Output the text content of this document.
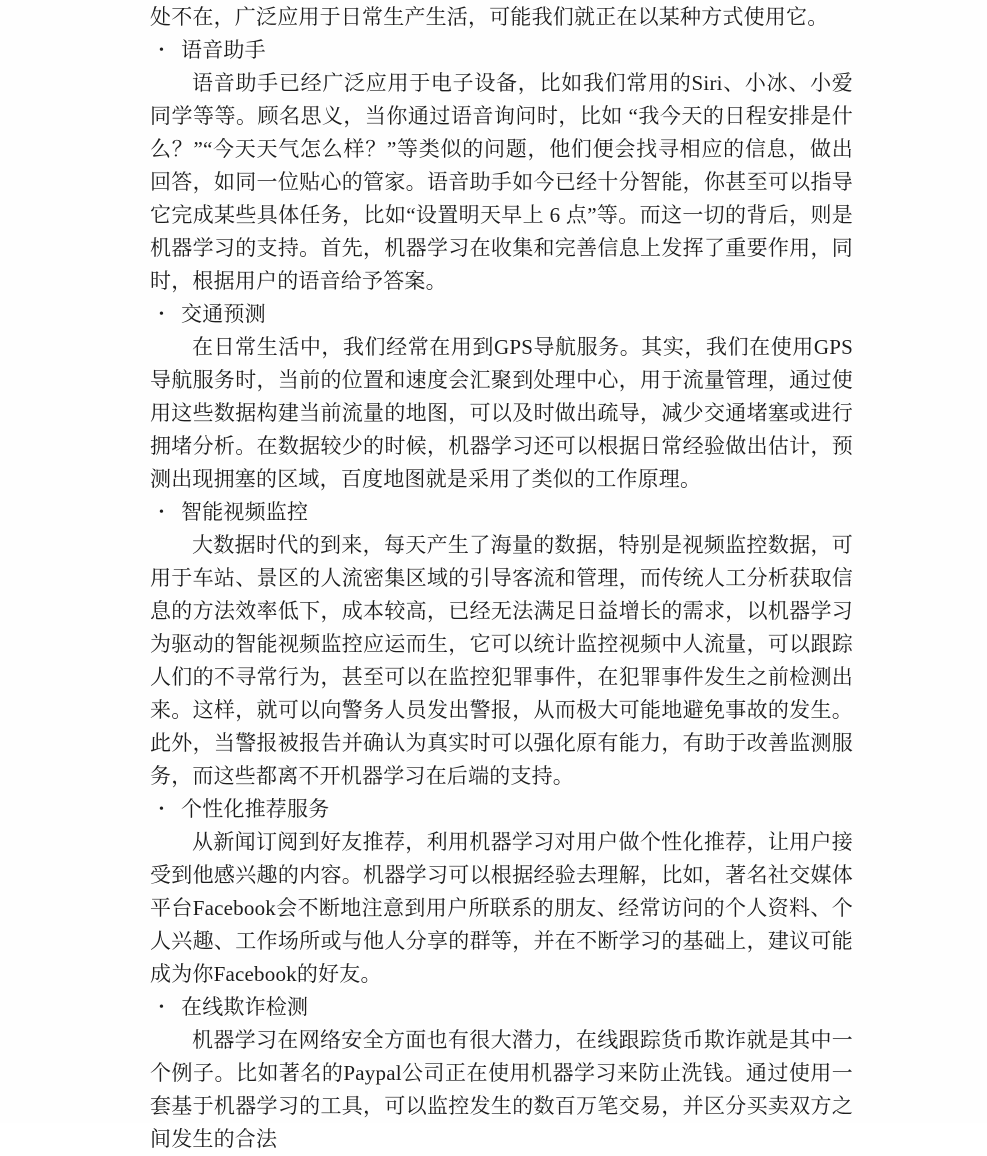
处不在，广泛应用于日常生产生活，可能我们就正在以某种方式使用它。

• 语音助手

语音助手已经广泛应用于电子设备，比如我们常用的Siri、小冰、小爱同学等等。顾名思义，当你通过语音询问时，比如 “我今天的日程安排是什么？”“今天天气怎么样？”等类似的问题，他们便会找寻相应的信息，做出回答，如同一位贴心的管家。语音助手如今已经十分智能，你甚至可以指导它完成某些具体任务，比如“设置明天早上 6 点”等。而这一切的背后，则是机器学习的支持。首先，机器学习在收集和完善信息上发挥了重要作用，同时，根据用户的语音给予答案。

• 交通预测

在日常生活中，我们经常在用到GPS导航服务。其实，我们在使用GPS导航服务时，当前的位置和速度会汇聚到处理中心，用于流量管理，通过使用这些数据构建当前流量的地图，可以及时做出疏导，减少交通堵塞或进行拥堵分析。在数据较少的时候，机器学习还可以根据日常经验做出估计，预测出现拥塞的区域，百度地图就是采用了类似的工作原理。

• 智能视频监控

大数据时代的到来，每天产生了海量的数据，特别是视频监控数据，可用于车站、景区的人流密集区域的引导客流和管理，而传统人工分析获取信息的方法效率低下，成本较高，已经无法满足日益增长的需求，以机器学习为驱动的智能视频监控应运而生，它可以统计监控视频中人流量，可以跟踪人们的不寻常行为，甚至可以在监控犯罪事件，在犯罪事件发生之前检测出来。这样，就可以向警务人员发出警报，从而极大可能地避免事故的发生。此外，当警报被报告并确认为真实时可以强化原有能力，有助于改善监测服务，而这些都离不开机器学习在后端的支持。

• 个性化推荐服务

从新闻订阅到好友推荐，利用机器学习对用户做个性化推荐，让用户接受到他感兴趣的内容。机器学习可以根据经验去理解，比如，著名社交媒体平台Facebook会不断地注意到用户所联系的朋友、经常访问的个人资料、个人兴趣、工作场所或与他人分享的群等，并在不断学习的基础上，建议可能成为你Facebook的好友。

• 在线欺诈检测

机器学习在网络安全方面也有很大潜力，在线跟踪货币欺诈就是其中一个例子。比如著名的Paypal公司正在使用机器学习来防止洗钱。通过使用一套基于机器学习的工具，可以监控发生的数百万笔交易，并区分买卖双方之间发生的合法
